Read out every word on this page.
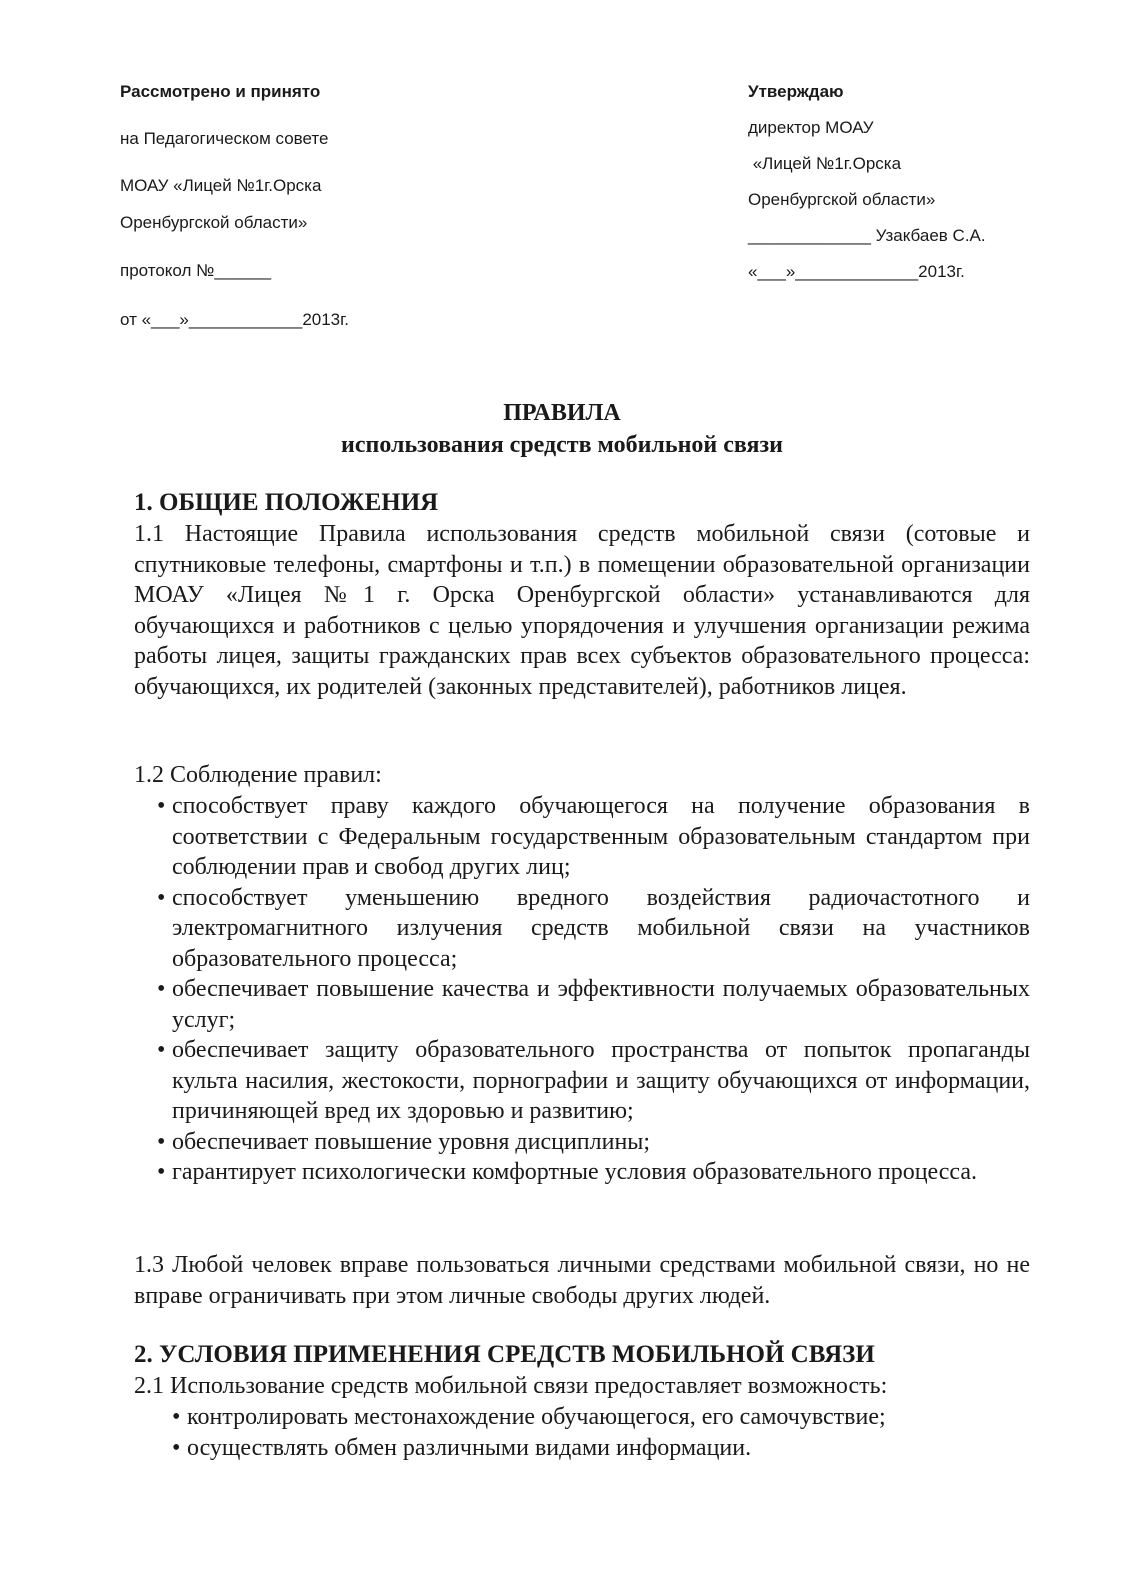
Рассмотрено и принято

на Педагогическом совете

МОАУ «Лицей №1г.Орска

Оренбургской области»

протокол №______

от «___»____________2013г.

Утверждаю

директор МОАУ

«Лицей №1г.Орска

Оренбургской области»

_____________ Узакбаев С.А.

«___»_____________2013г.

ПРАВИЛА
использования средств мобильной связи
1. ОБЩИЕ ПОЛОЖЕНИЯ
1.1 Настоящие Правила использования средств мобильной связи (сотовые и спутниковые телефоны, смартфоны и т.п.) в помещении образовательной организации МОАУ «Лицея №1 г. Орска Оренбургской области» устанавливаются для обучающихся и работников с целью упорядочения и улучшения организации режима работы лицея, защиты гражданских прав всех субъектов образовательного процесса: обучающихся, их родителей (законных представителей), работников лицея.
1.2 Соблюдение правил:
• способствует праву каждого обучающегося на получение образования в соответствии с Федеральным государственным образовательным стандартом при соблюдении прав и свобод других лиц;
• способствует уменьшению вредного воздействия радиочастотного и электромагнитного излучения средств мобильной связи на участников образовательного процесса;
• обеспечивает повышение качества и эффективности получаемых образовательных услуг;
• обеспечивает защиту образовательного пространства от попыток пропаганды культа насилия, жестокости, порнографии и защиту обучающихся от информации, причиняющей вред их здоровью и развитию;
• обеспечивает повышение уровня дисциплины;
• гарантирует психологически комфортные условия образовательного процесса.
1.3 Любой человек вправе пользоваться личными средствами мобильной связи, но не вправе ограничивать при этом личные свободы других людей.
2. УСЛОВИЯ ПРИМЕНЕНИЯ СРЕДСТВ МОБИЛЬНОЙ СВЯЗИ
2.1 Использование средств мобильной связи предоставляет возможность:
• контролировать местонахождение обучающегося, его самочувствие;
• осуществлять обмен различными видами информации.
